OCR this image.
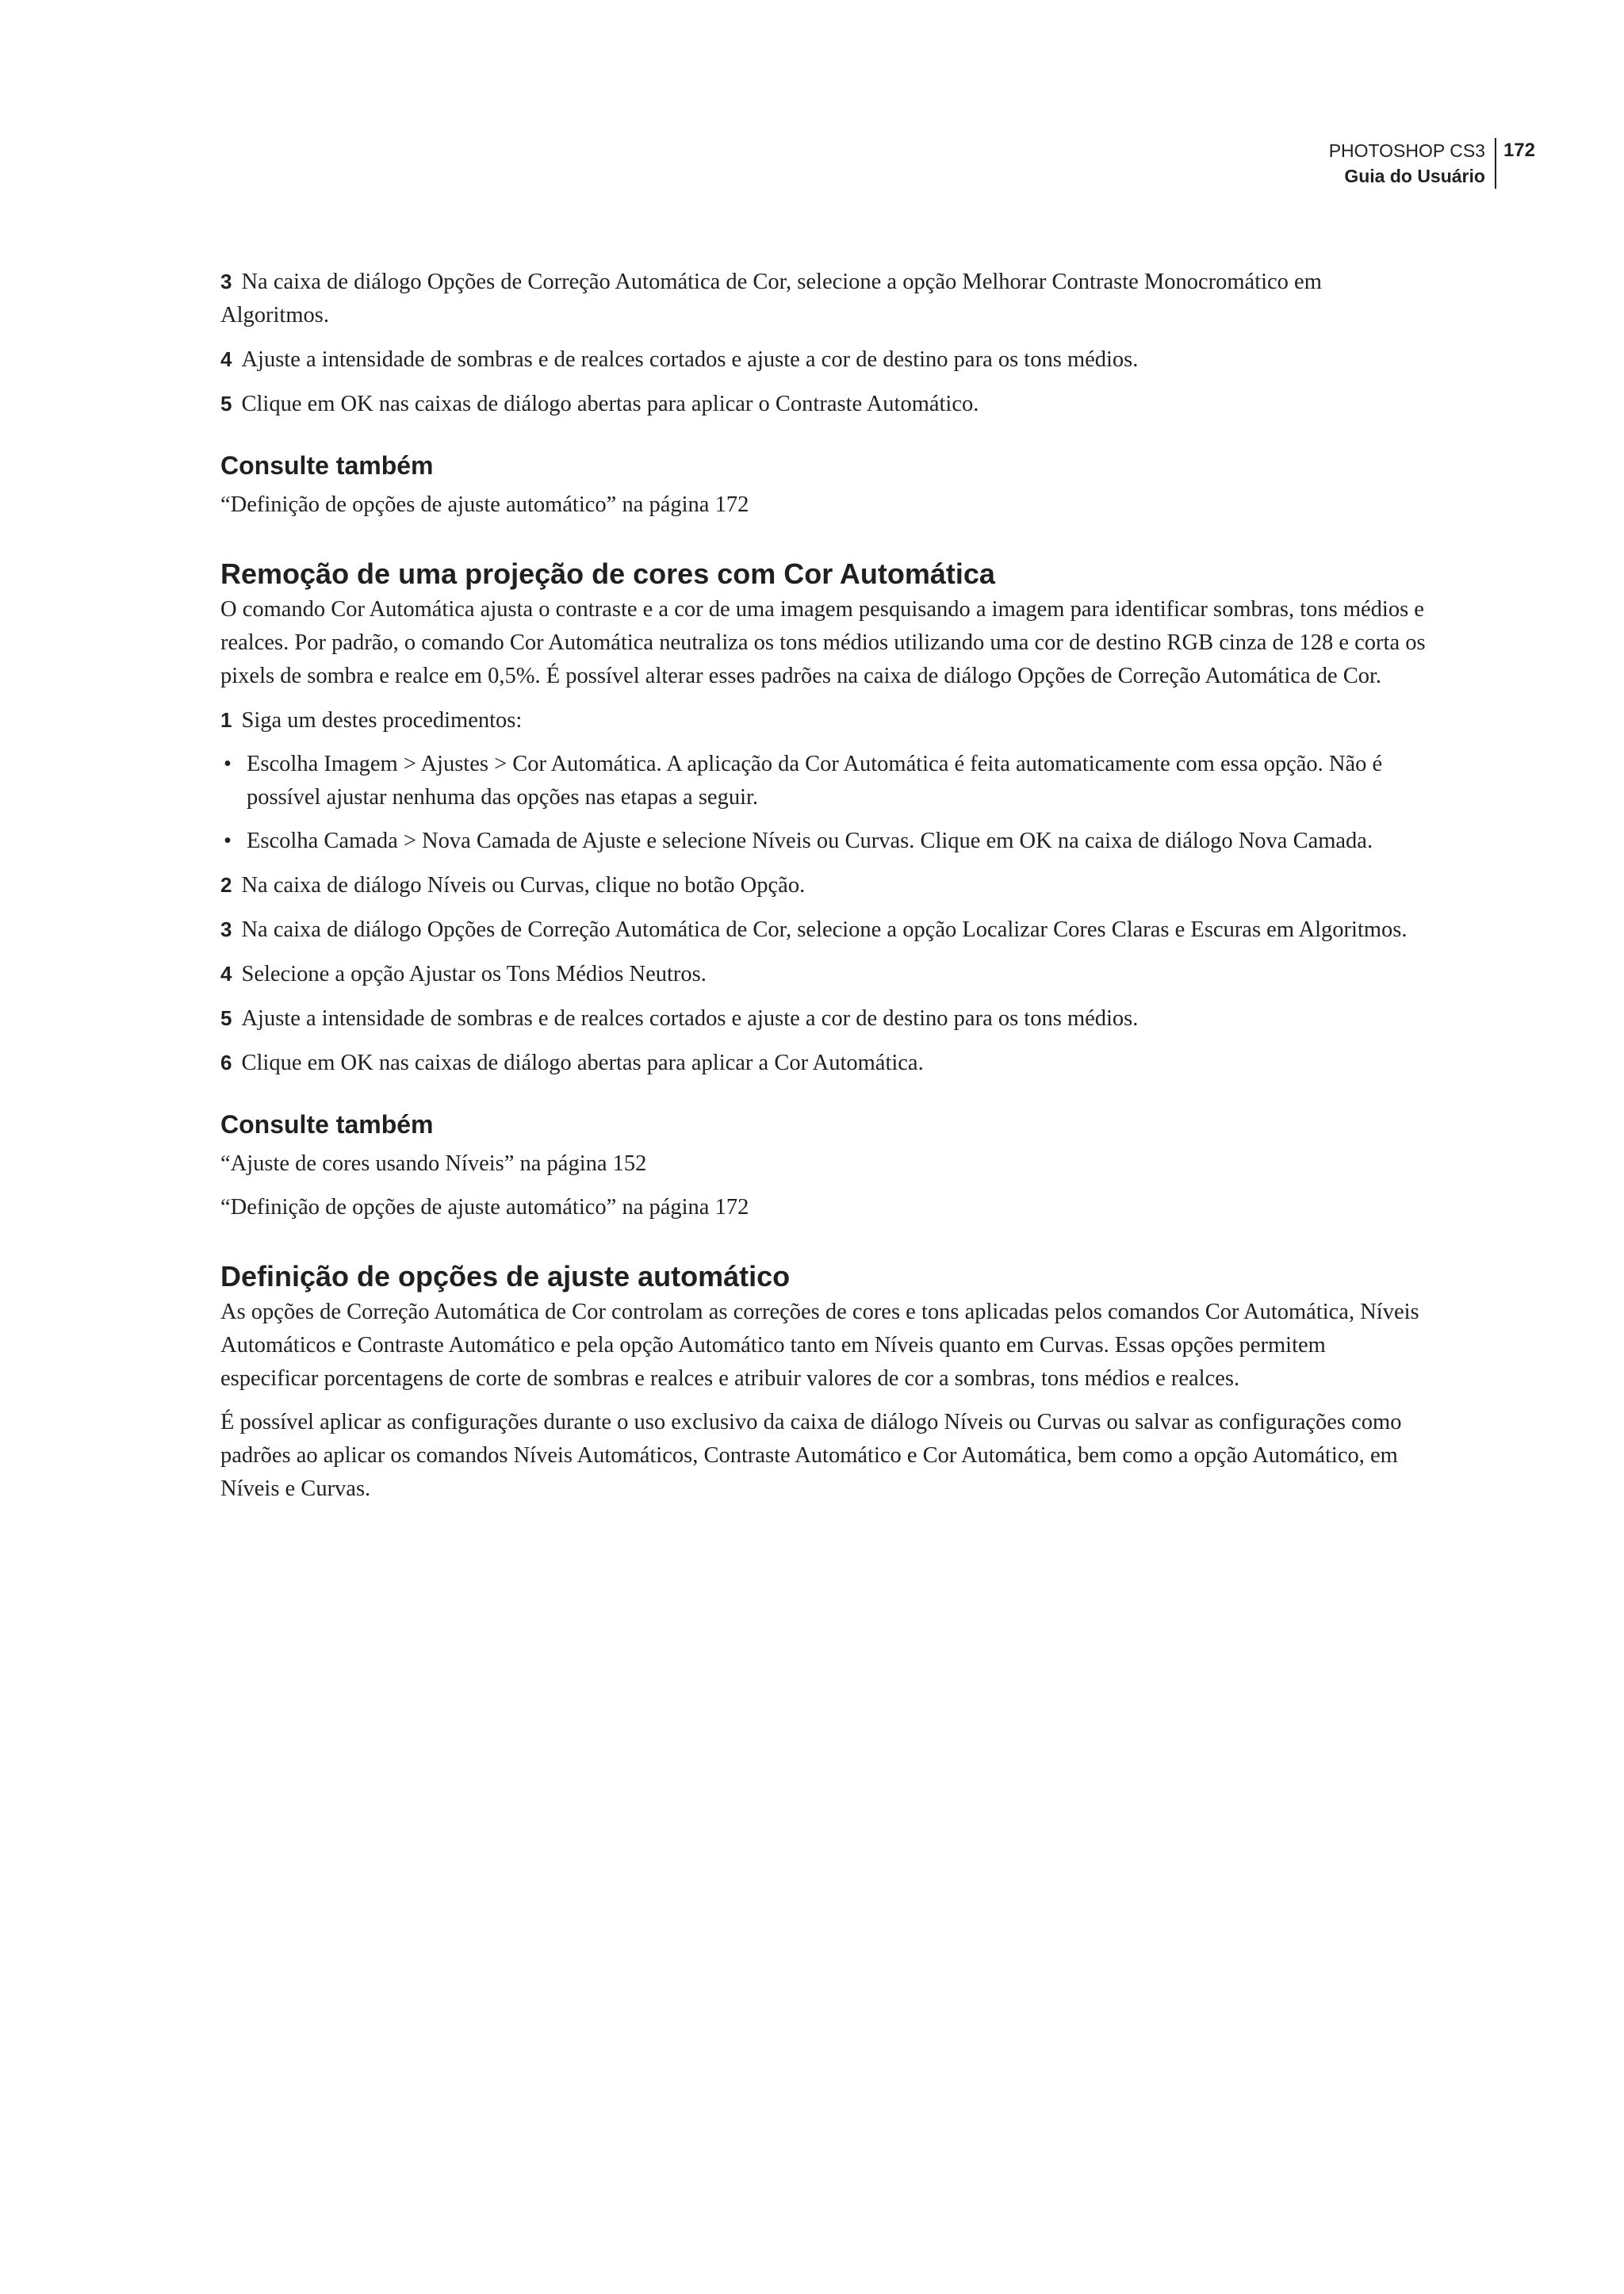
PHOTOSHOP CS3
Guia do Usuário
172

3 Na caixa de diálogo Opções de Correção Automática de Cor, selecione a opção Melhorar Contraste Monocromático em Algoritmos.

4 Ajuste a intensidade de sombras e de realces cortados e ajuste a cor de destino para os tons médios.

5 Clique em OK nas caixas de diálogo abertas para aplicar o Contraste Automático.

Consulte também

“Definição de opções de ajuste automático” na página 172

Remoção de uma projeção de cores com Cor Automática

O comando Cor Automática ajusta o contraste e a cor de uma imagem pesquisando a imagem para identificar sombras, tons médios e realces. Por padrão, o comando Cor Automática neutraliza os tons médios utilizando uma cor de destino RGB cinza de 128 e corta os pixels de sombra e realce em 0,5%. É possível alterar esses padrões na caixa de diálogo Opções de Correção Automática de Cor.

1 Siga um destes procedimentos:

• Escolha Imagem > Ajustes > Cor Automática. A aplicação da Cor Automática é feita automaticamente com essa opção. Não é possível ajustar nenhuma das opções nas etapas a seguir.
• Escolha Camada > Nova Camada de Ajuste e selecione Níveis ou Curvas. Clique em OK na caixa de diálogo Nova Camada.

2 Na caixa de diálogo Níveis ou Curvas, clique no botão Opção.

3 Na caixa de diálogo Opções de Correção Automática de Cor, selecione a opção Localizar Cores Claras e Escuras em Algoritmos.

4 Selecione a opção Ajustar os Tons Médios Neutros.

5 Ajuste a intensidade de sombras e de realces cortados e ajuste a cor de destino para os tons médios.

6 Clique em OK nas caixas de diálogo abertas para aplicar a Cor Automática.

Consulte também

“Ajuste de cores usando Níveis” na página 152

“Definição de opções de ajuste automático” na página 172

Definição de opções de ajuste automático

As opções de Correção Automática de Cor controlam as correções de cores e tons aplicadas pelos comandos Cor Automática, Níveis Automáticos e Contraste Automático e pela opção Automático tanto em Níveis quanto em Curvas. Essas opções permitem especificar porcentagens de corte de sombras e realces e atribuir valores de cor a sombras, tons médios e realces.

É possível aplicar as configurações durante o uso exclusivo da caixa de diálogo Níveis ou Curvas ou salvar as configurações como padrões ao aplicar os comandos Níveis Automáticos, Contraste Automático e Cor Automática, bem como a opção Automático, em Níveis e Curvas.
